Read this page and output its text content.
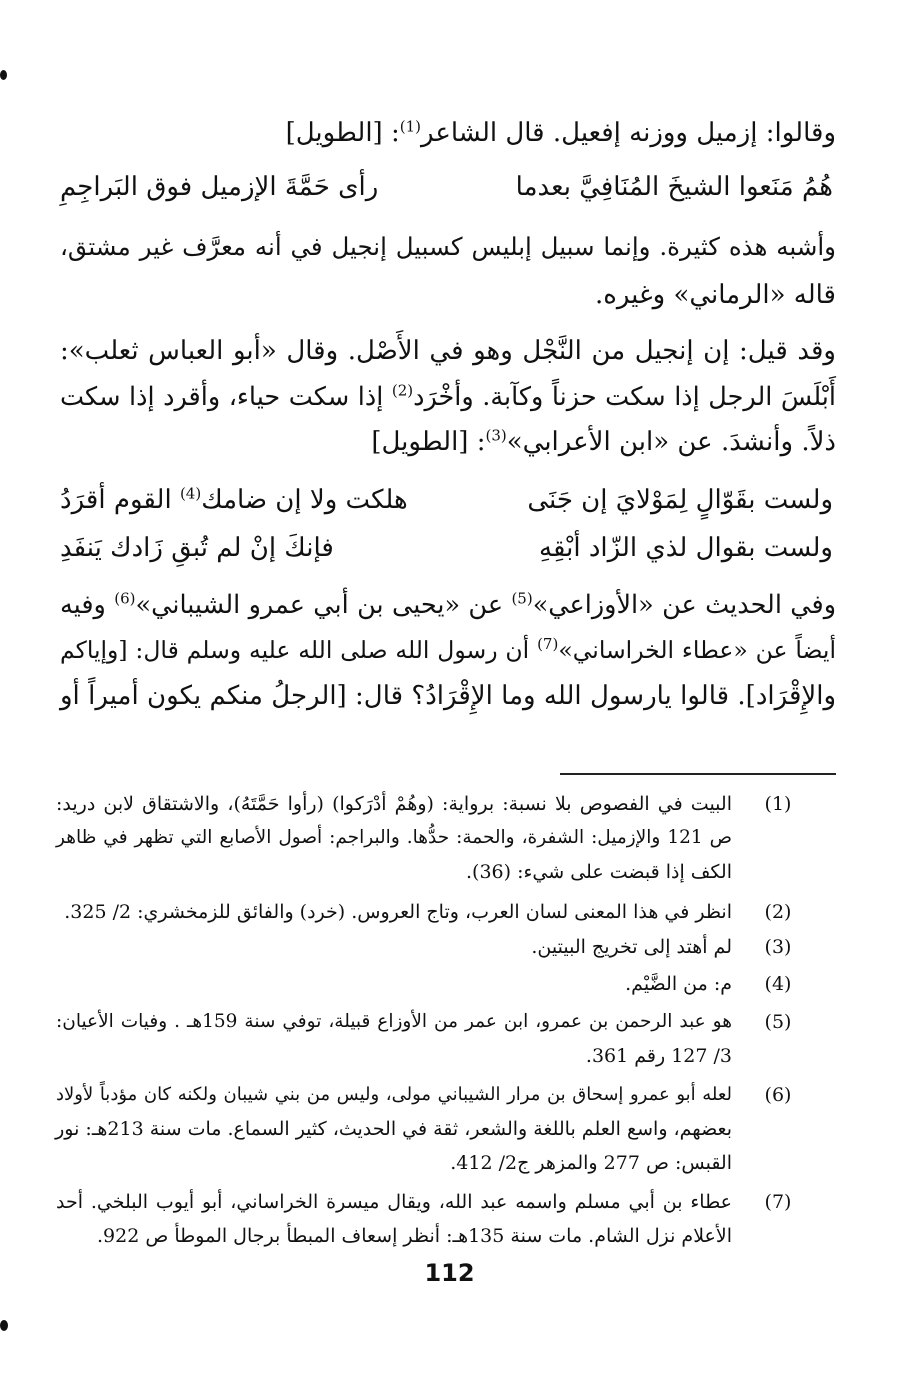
وقالوا: إزميل ووزنه إفعيل. قال الشاعر$^{(1)}$: [الطويل]
هُمُ مَنَعوا الشيخَ المُنَافِيَّ بعدما
رأى حَمَّةَ الإزميل فوق البَراجِمِ
وأشبه هذه كثيرة. وإنما سبيل إبليس كسبيل إنجيل في أنه معرَّف غير مشتق،
قاله «الرماني» وغيره.
وقد قيل: إن إنجيل من النَّجْل وهو في الأَصْل. وقال «أبو العباس ثعلب»:
أَبْلَسَ الرجل إذا سكت حزناً وكآبة. وأخْرَد$^{(2)}$ إذا سكت حياء، وأقرد إذا سكت
ذلاً. وأنشدَ. عن «ابن الأعرابي»$^{(3)}$: [الطويل]
ولست بقَوّالٍ لِمَوْلايَ إن جَنَى
هلكت ولا إن ضامك$^{(4)}$ القوم أقرَدُ
ولست بقوال لذي الزّاد أبْقِهِ
فإنكَ إنْ لم تُبقِ زَادك يَنفَدِ
وفي الحديث عن «الأوزاعي»$^{(5)}$ عن «يحيى بن أبي عمرو الشيباني»$^{(6)}$ وفيه
أيضاً عن «عطاء الخراساني»$^{(7)}$ أن رسول الله صلى الله عليه وسلم قال: [وإياكم
والإِقْرَاد]. قالوا يارسول الله وما الإِقْرَادُ؟ قال: [الرجلُ منكم يكون أميراً أو
(1)
البيت في الفصوص بلا نسبة: برواية: (وهُمْ أدْرَكوا) (رأوا حَمَّتَهُ)، والاشتقاق لابن دريد:
ص 121 والإزميل: الشفرة، والحمة: حدُّها. والبراجم: أصول الأصابع التي تظهر في ظاهر
الكف إذا قبضت على شيء: (36).
(2)
انظر في هذا المعنى لسان العرب، وتاج العروس. (خرد) والفائق للزمخشري: 2/ 325.
(3)
لم أهتد إلى تخريج البيتين.
(4)
م: من الضَّيْم.
(5)
هو عبد الرحمن بن عمرو، ابن عمر من الأوزاع قبيلة، توفي سنة 159هـ . وفيات الأعيان:
3/ 127 رقم 361.
(6)
لعله أبو عمرو إسحاق بن مرار الشيباني مولى، وليس من بني شيبان ولكنه كان مؤدباً لأولاد
بعضهم، واسع العلم باللغة والشعر، ثقة في الحديث، كثير السماع. مات سنة 213هـ: نور
القبس: ص 277 والمزهر ج2/ 412.
(7)
عطاء بن أبي مسلم واسمه عبد الله، ويقال ميسرة الخراساني، أبو أيوب البلخي. أحد
الأعلام نزل الشام. مات سنة 135هـ: أنظر إسعاف المبطأ برجال الموطأ ص 922.
112
